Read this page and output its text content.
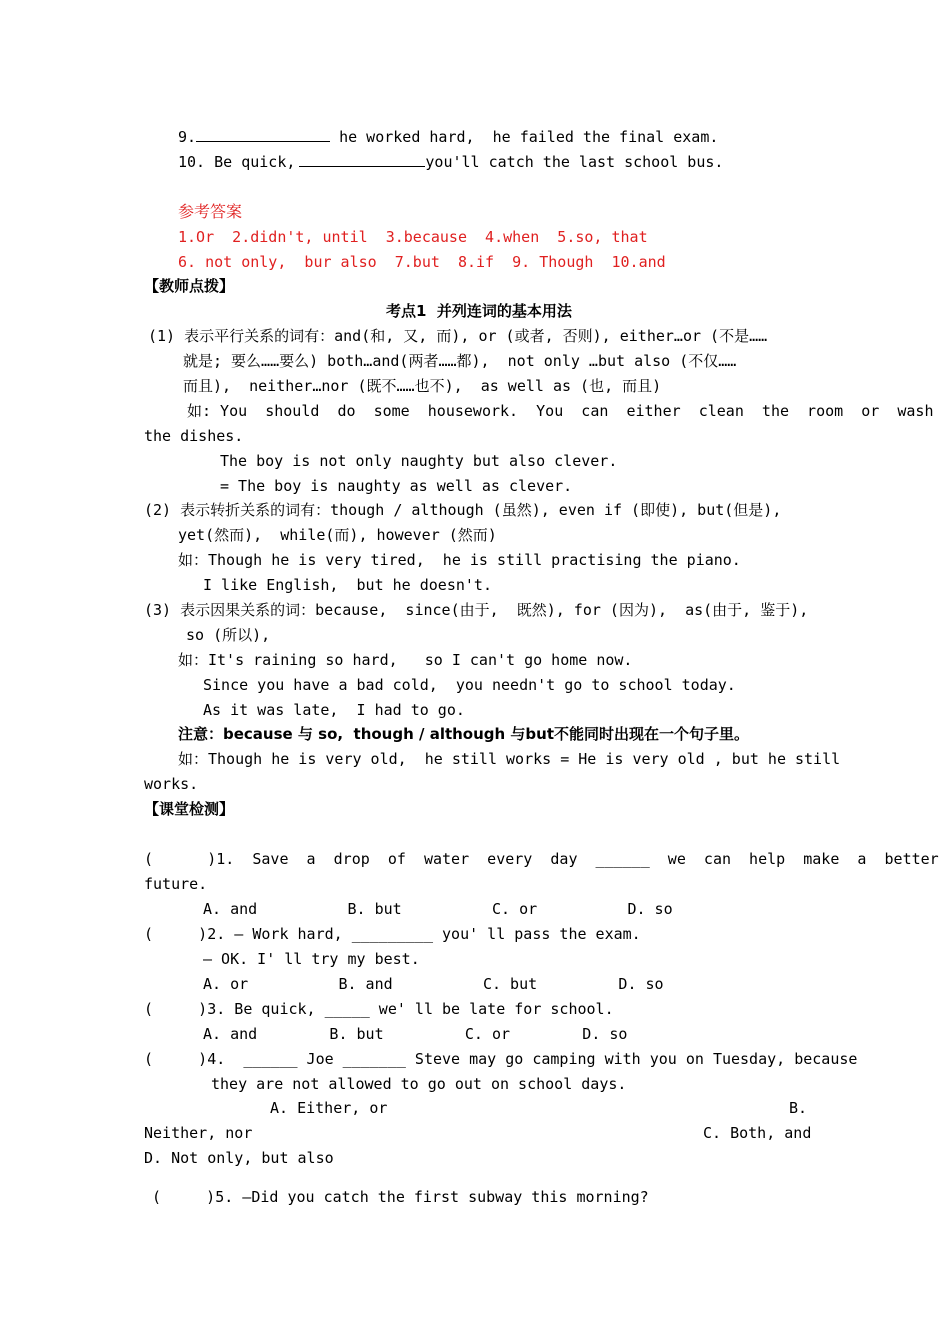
9.	he worked hard,  he failed the final exam.
10. Be quick,	you'll catch the last school bus.
参考答案
1.Or  2.didn't, until  3.because  4.when  5.so, that
6. not only,  bur also  7.but  8.if  9. Though  10.and
【教师点拨】
考点1  并列连词的基本用法
(1) 表示平行关系的词有：and(和, 又, 而), or (或者, 否则), either…or (不是……
就是; 要么……要么) both…and(两者……都),  not only …but also (不仅……
而且),  neither…nor (既不……也不),  as well as (也, 而且)
如: You  should  do  some  housework.  You  can  either  clean  the  room  or  wash
the dishes.
The boy is not only naughty but also clever.
= The boy is naughty as well as clever.
(2) 表示转折关系的词有：though / although (虽然), even if (即使), but(但是),
yet(然而),  while(而), however (然而)
如：Though he is very tired,  he is still practising the piano.
I like English,  but he doesn't.
(3) 表示因果关系的词：because,  since(由于,  既然), for (因为),  as(由于, 鉴于),
so (所以),
如：It's raining so hard,   so I can't go home now.
Since you have a bad cold,  you needn't go to school today.
As it was late,  I had to go.
注意：because 与 so,  though / although 与but不能同时出现在一个句子里。
如：Though he is very old,  he still works = He is very old , but he still
works.
【课堂检测】
(      )1.  Save  a  drop  of  water  every  day  ______  we  can  help  make  a  better
future.
A. and          B. but          C. or          D. so
(     )2. — Work hard, _________ you' ll pass the exam.
— OK. I' ll try my best.
A. or          B. and          C. but         D. so
(     )3. Be quick, _____ we' ll be late for school.
A. and        B. but         C. or        D. so
(     )4.  ______ Joe _______ Steve may go camping with you on Tuesday, because
they are not allowed to go out on school days.
A. Either, or	B.
Neither, nor	C. Both, and
D. Not only, but also
(     )5. —Did you catch the first subway this morning?
